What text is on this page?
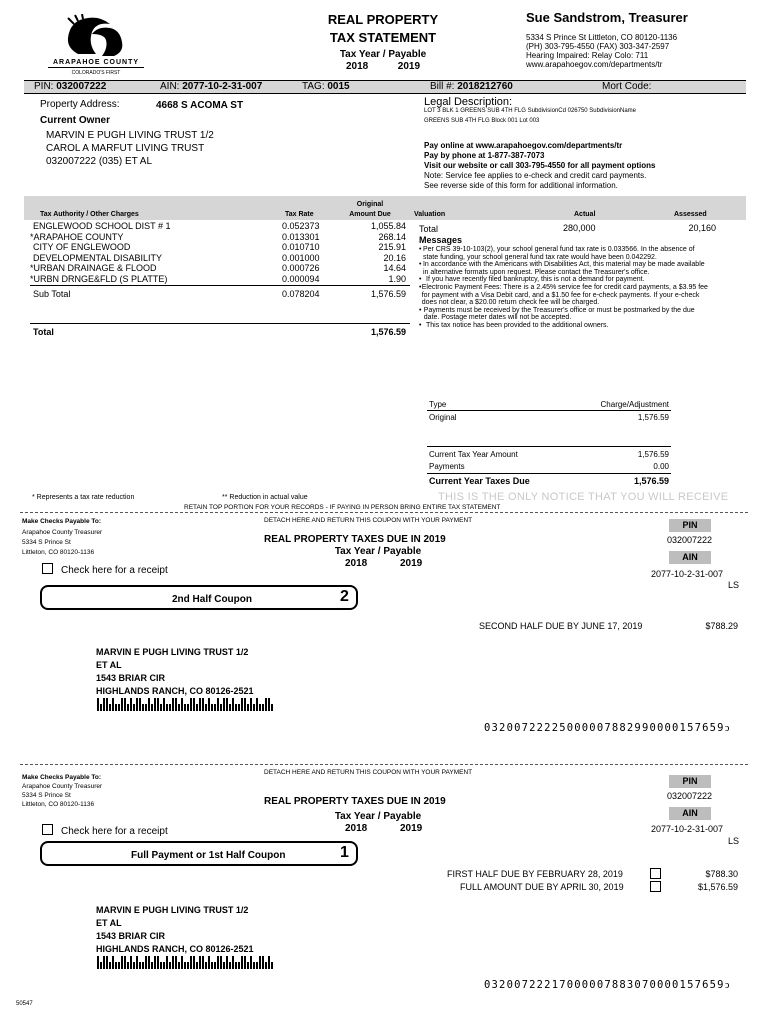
ARAPAHOE COUNTY
COLORADO'S FIRST
REAL PROPERTY
TAX STATEMENT
Tax Year / Payable
2018	2019
Sue Sandstrom, Treasurer
5334 S Prince St Littleton, CO 80120-1136
(PH) 303-795-4550 (FAX) 303-347-2597
Hearing Impaired: Relay Colo: 711
www.arapahoegov.com/departments/tr
PIN: 032007222	AIN: 2077-10-2-31-007	TAG: 0015	Bill #: 2018212760	Mort Code:
Property Address:	4668 S ACOMA ST
Current Owner
MARVIN E PUGH LIVING TRUST 1/2
CAROL A MARFUT LIVING TRUST
032007222 (035) ET AL
Legal Description:
LOT 3 BLK 1 GREENS SUB 4TH FLG SubdivisionCd 026750 SubdivisionName
GREENS SUB 4TH FLG Block 001 Lot 003
Pay online at www.arapahoegov.com/departments/tr
Pay by phone at 1-877-387-7073
Visit our website or call 303-795-4550 for all payment options
Note: Service fee applies to e-check and credit card payments.
See reverse side of this form for additional information.
Tax Authority / Other Charges	Tax Rate
Original
Amount Due	Valuation	Actual	Assessed
ENGLEWOOD SCHOOL DIST # 1	0.052373	1,055.84
*ARAPAHOE COUNTY	0.013301	268.14
CITY OF ENGLEWOOD	0.010710	215.91
DEVELOPMENTAL DISABILITY	0.001000	20.16
*URBAN DRAINAGE & FLOOD	0.000726	14.64
*URBN DRNGE&FLD (S PLATTE)	0.000094	1.90
Sub Total	0.078204	1,576.59
Total	1,576.59
Total	280,000	20,160
Messages
• Per CRS 39-10-103(2), your school general fund tax rate is 0.033566. In the absence of state funding, your school general fund tax rate would have been 0.042292.
• In accordance with the Americans with Disabilities Act, this material may be made available in alternative formats upon request. Please contact the Treasurer's office.
• If you have recently filed bankruptcy, this is not a demand for payment.
• Electronic Payment Fees: There is a 2.45% service fee for credit card payments, a $3.95 fee for payment with a Visa Debit card, and a $1.50 fee for e-check payments. If your e-check does not clear, a $20.00 return check fee will be charged.
• Payments must be received by the Treasurer's office or must be postmarked by the due date. Postage meter dates will not be accepted.
• This tax notice has been provided to the additional owners.
Type	Charge/Adjustment
Original	1,576.59
Current Tax Year Amount	1,576.59
Payments	0.00
Current Year Taxes Due	1,576.59
* Represents a tax rate reduction	** Reduction in actual value	THIS IS THE ONLY NOTICE THAT YOU WILL RECEIVE
RETAIN TOP PORTION FOR YOUR RECORDS - IF PAYING IN PERSON BRING ENTIRE TAX STATEMENT
DETACH HERE AND RETURN THIS COUPON WITH YOUR PAYMENT
Make Checks Payable To:
Arapahoe County Treasurer
5334 S Prince St
Littleton, CO 80120-1136
REAL PROPERTY TAXES DUE IN 2019
Tax Year / Payable
2018	2019
Check here for a receipt
PIN
032007222
AIN
2077-10-2-31-007
LS
2nd Half Coupon	2
SECOND HALF DUE BY JUNE 17, 2019	$788.29
MARVIN E PUGH LIVING TRUST 1/2
ET AL
1543 BRIAR CIR
HIGHLANDS RANCH, CO 80126-2521
03200722225000007882990000157659ↄ
DETACH HERE AND RETURN THIS COUPON WITH YOUR PAYMENT
Make Checks Payable To:
Arapahoe County Treasurer
5334 S Prince St
Littleton, CO 80120-1136	REAL PROPERTY TAXES DUE IN 2019
Tax Year / Payable
2018	2019
Check here for a receipt
PIN
032007222
AIN
2077-10-2-31-007
LS
Full Payment or 1st Half Coupon	1
FIRST HALF DUE BY FEBRUARY 28, 2019	$788.30
FULL AMOUNT DUE BY APRIL 30, 2019	$1,576.59
MARVIN E PUGH LIVING TRUST 1/2
ET AL
1543 BRIAR CIR
HIGHLANDS RANCH, CO 80126-2521
03200722217000007883070000157659ↄ
50547
